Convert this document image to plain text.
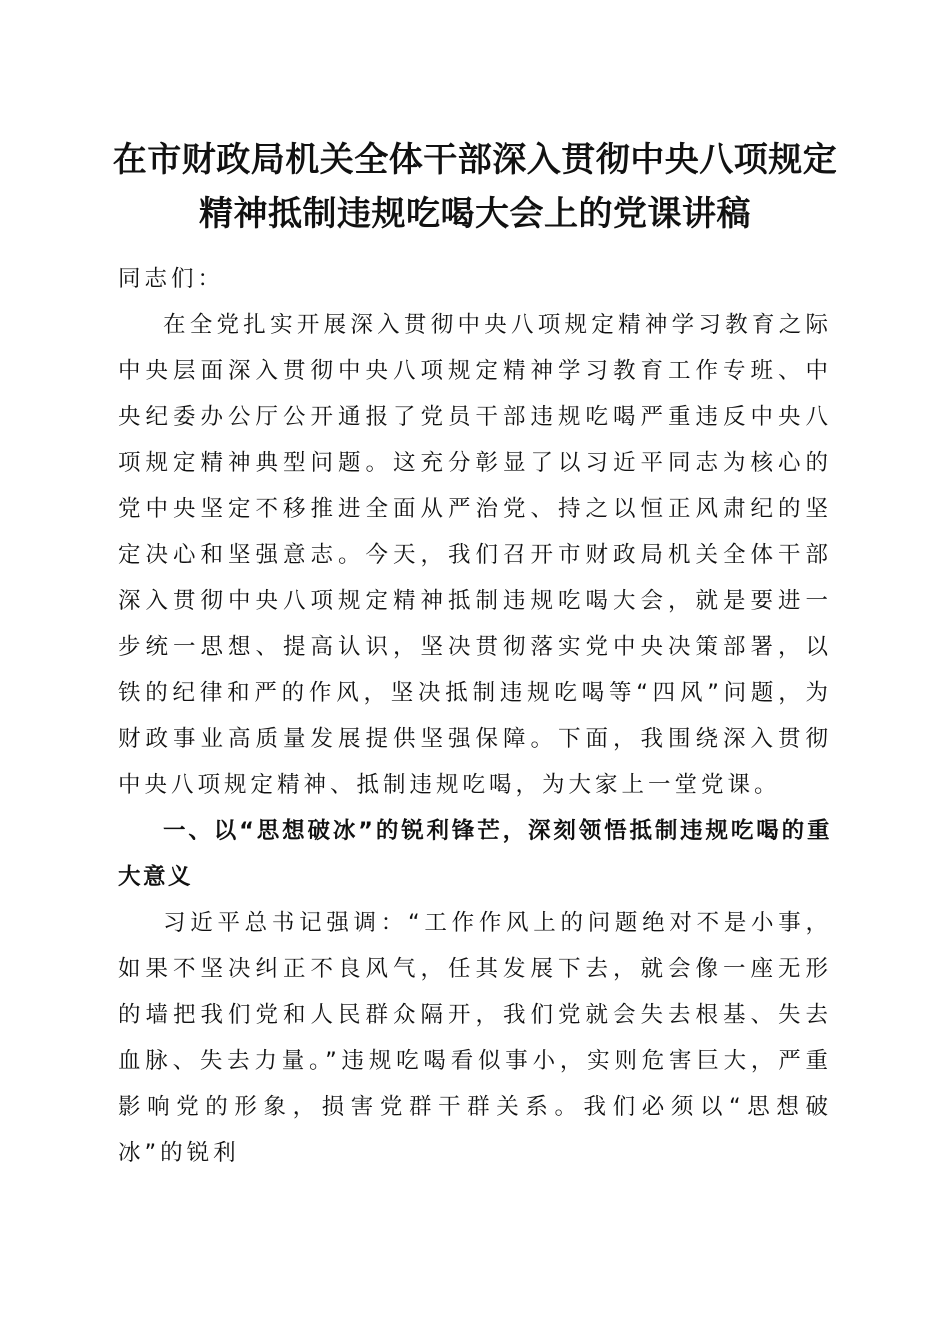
在市财政局机关全体干部深入贯彻中央八项规定精神抵制违规吃喝大会上的党课讲稿

同志们：

在全党扎实开展深入贯彻中央八项规定精神学习教育之际中央层面深入贯彻中央八项规定精神学习教育工作专班、中央纪委办公厅公开通报了党员干部违规吃喝严重违反中央八项规定精神典型问题。这充分彰显了以习近平同志为核心的党中央坚定不移推进全面从严治党、持之以恒正风肃纪的坚定决心和坚强意志。今天，我们召开市财政局机关全体干部深入贯彻中央八项规定精神抵制违规吃喝大会，就是要进一步统一思想、提高认识，坚决贯彻落实党中央决策部署，以铁的纪律和严的作风，坚决抵制违规吃喝等“四风”问题，为财政事业高质量发展提供坚强保障。下面，我围绕深入贯彻中央八项规定精神、抵制违规吃喝，为大家上一堂党课。

一、以“思想破冰”的锐利锋芒，深刻领悟抵制违规吃喝的重大意义

习近平总书记强调：“工作作风上的问题绝对不是小事，如果不坚决纠正不良风气，任其发展下去，就会像一座无形的墙把我们党和人民群众隔开，我们党就会失去根基、失去血脉、失去力量。”违规吃喝看似事小，实则危害巨大，严重影响党的形象，损害党群干群关系。我们必须以“思想破冰”的锐利
